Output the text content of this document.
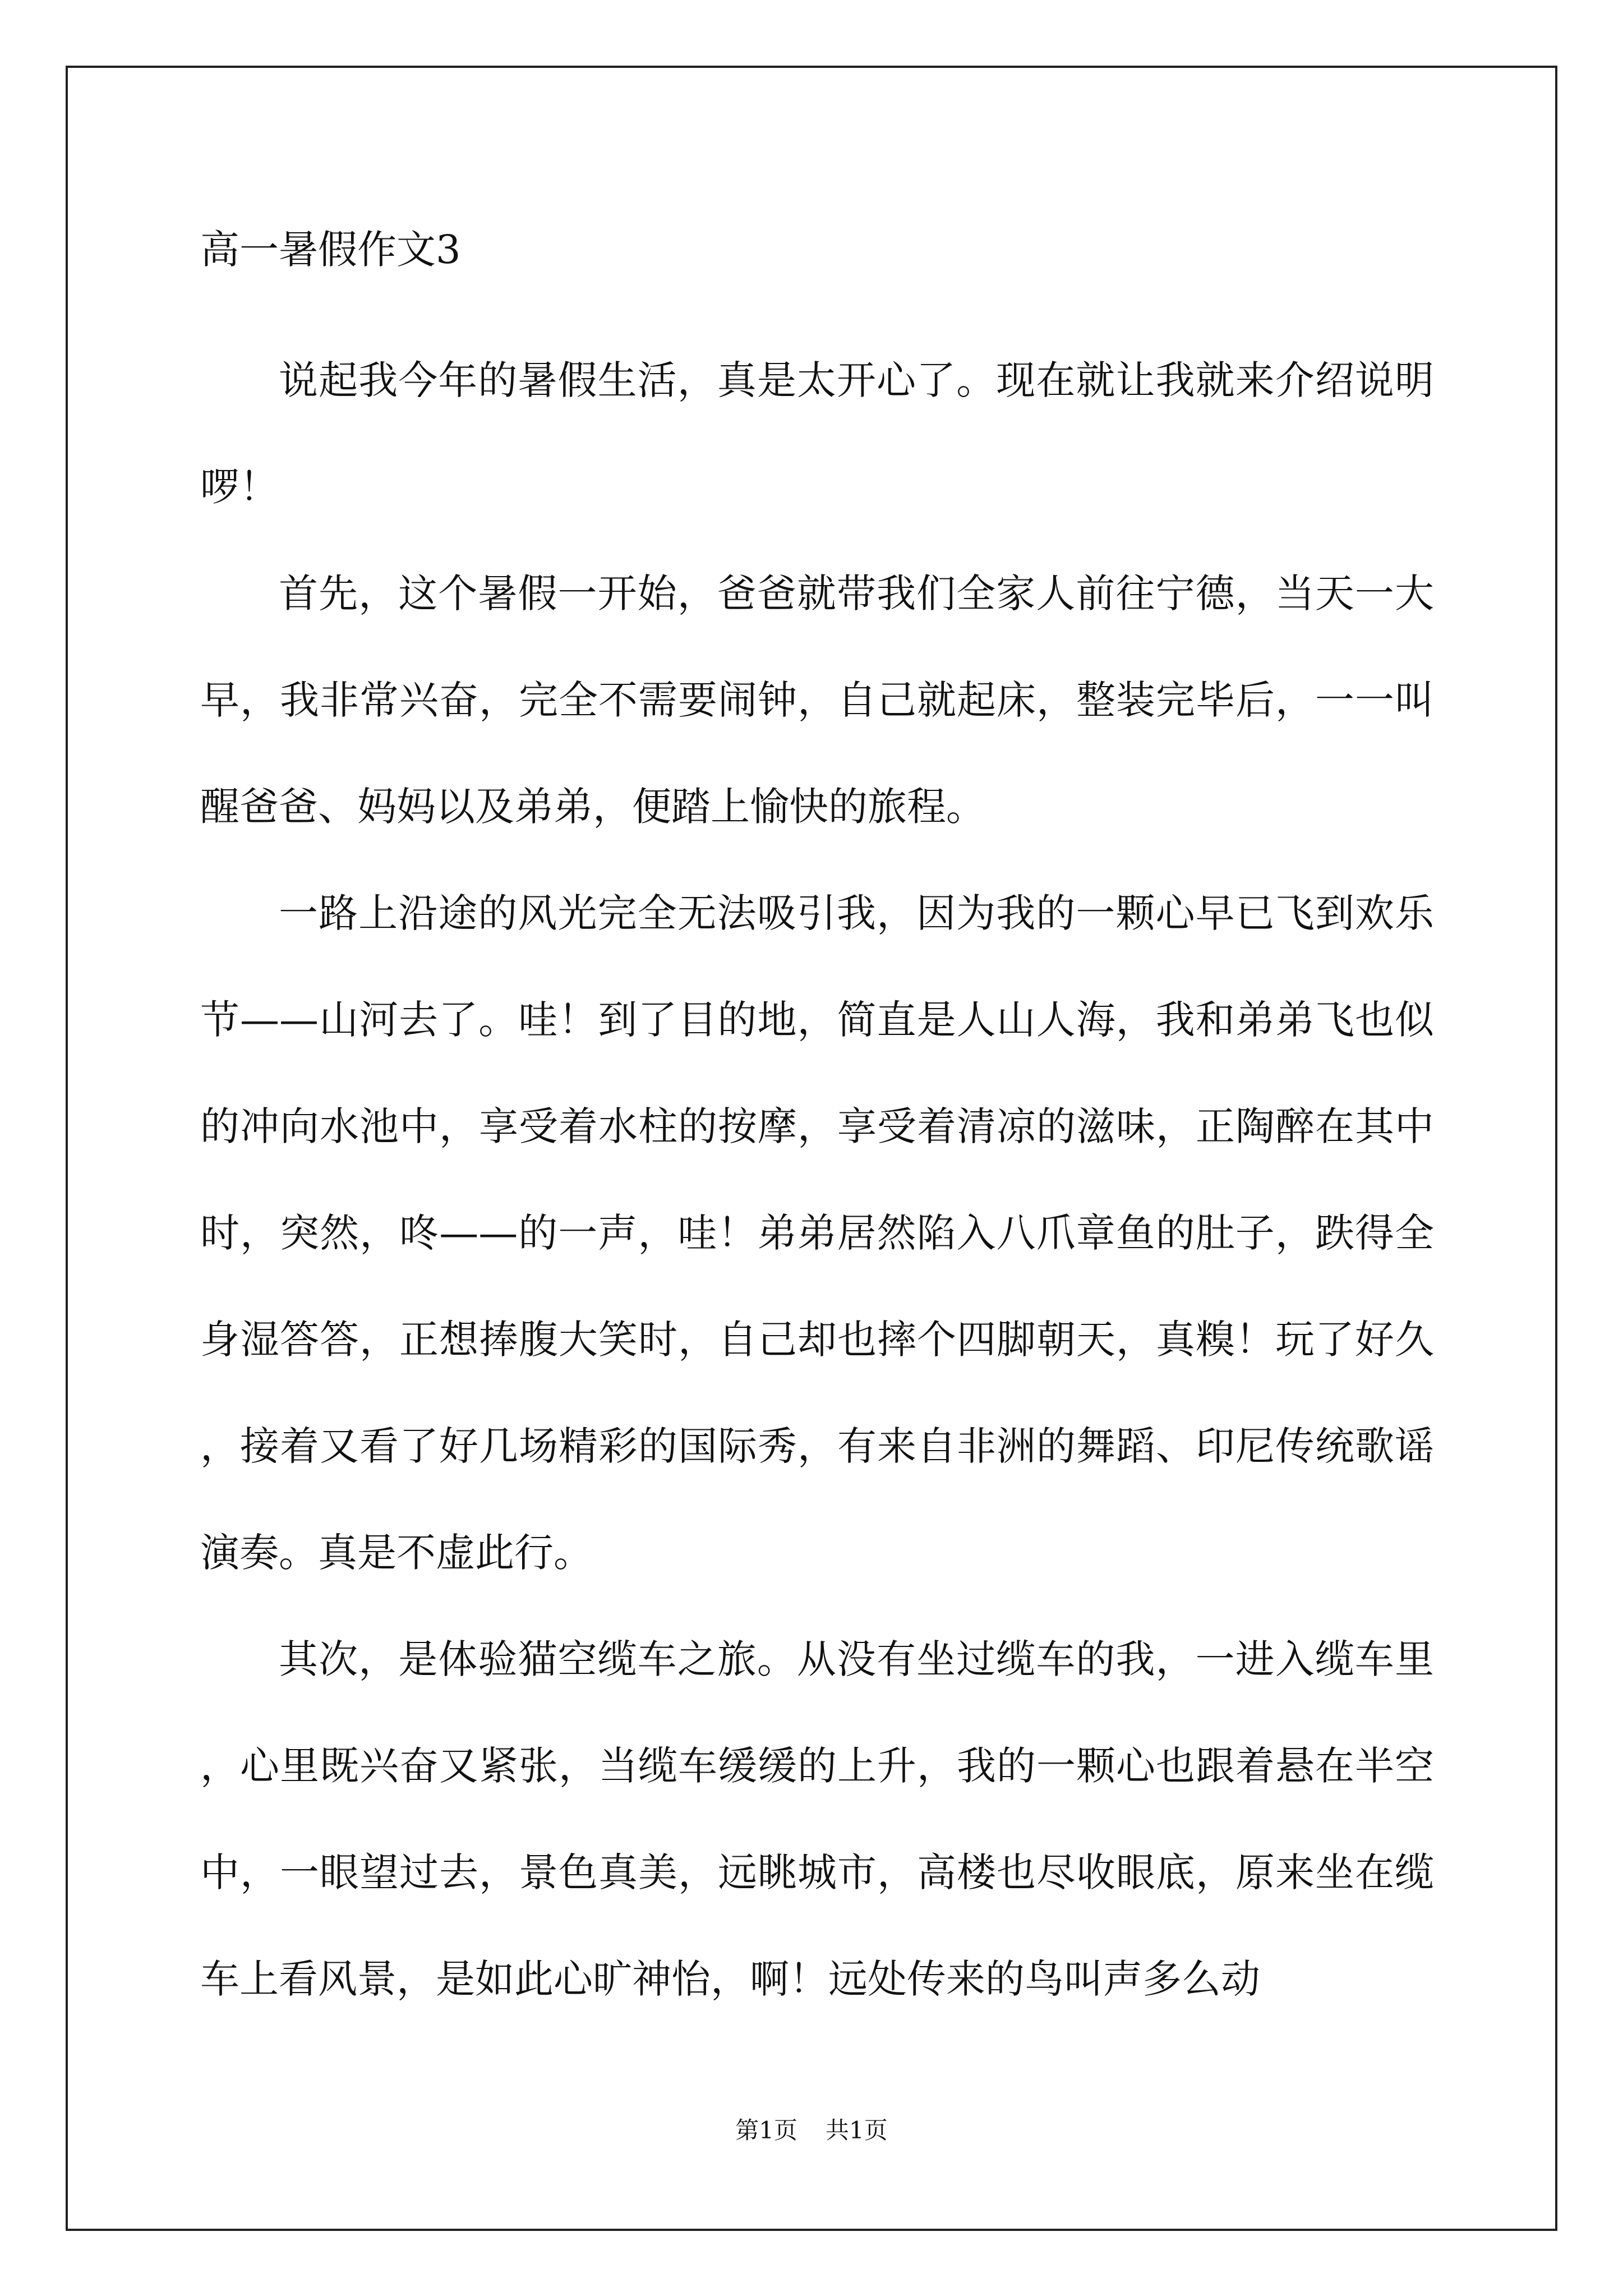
高一暑假作文3

说起我今年的暑假生活，真是太开心了。现在就让我就来介绍说明啰！

首先，这个暑假一开始，爸爸就带我们全家人前往宁德，当天一大早，我非常兴奋，完全不需要闹钟，自己就起床，整装完毕后，一一叫醒爸爸、妈妈以及弟弟，便踏上愉快的旅程。

一路上沿途的风光完全无法吸引我，因为我的一颗心早已飞到欢乐节——山河去了。哇！到了目的地，简直是人山人海，我和弟弟飞也似的冲向水池中，享受着水柱的按摩，享受着清凉的滋味，正陶醉在其中时，突然，咚——的一声，哇！弟弟居然陷入八爪章鱼的肚子，跌得全身湿答答，正想捧腹大笑时，自己却也摔个四脚朝天，真糗！玩了好久，接着又看了好几场精彩的国际秀，有来自非洲的舞蹈、印尼传统歌谣演奏。真是不虚此行。

其次，是体验猫空缆车之旅。从没有坐过缆车的我，一进入缆车里，心里既兴奋又紧张，当缆车缓缓的上升，我的一颗心也跟着悬在半空中，一眼望过去，景色真美，远眺城市，高楼也尽收眼底，原来坐在缆车上看风景，是如此心旷神怡，啊！远处传来的鸟叫声多么动

第1页 共1页
